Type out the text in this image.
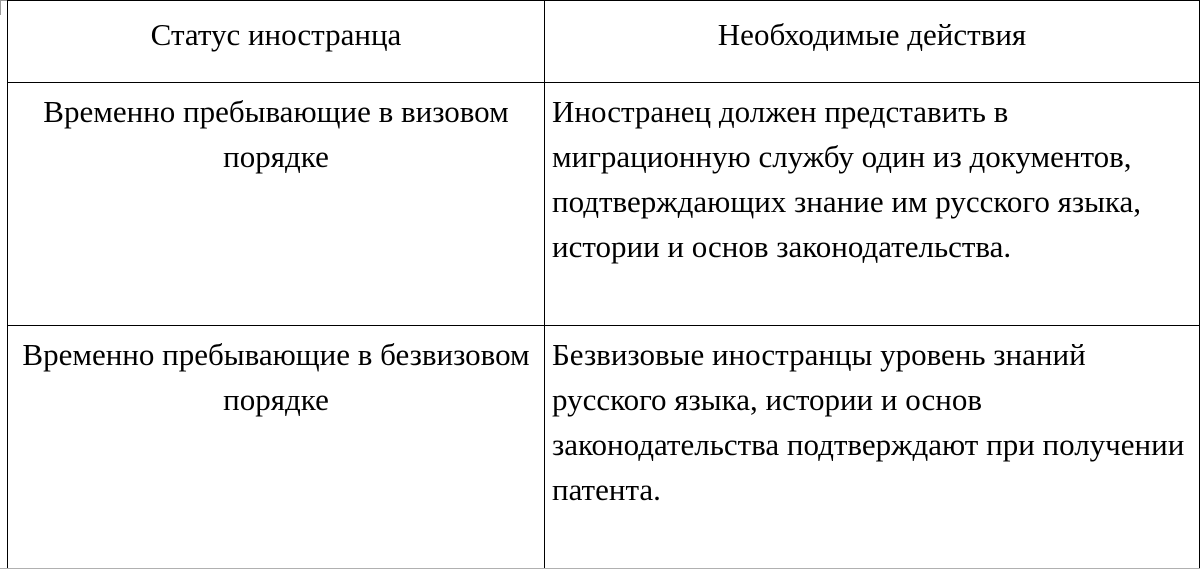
Статус иностранца	Необходимые действия

Временно пребывающие в визовом порядке	Иностранец должен представить в миграционную службу один из документов, подтверждающих знание им русского языка, истории и основ законодательства.

Временно пребывающие в безвизовом порядке	Безвизовые иностранцы уровень знаний русского языка, истории и основ законодательства подтверждают при получении патента.
